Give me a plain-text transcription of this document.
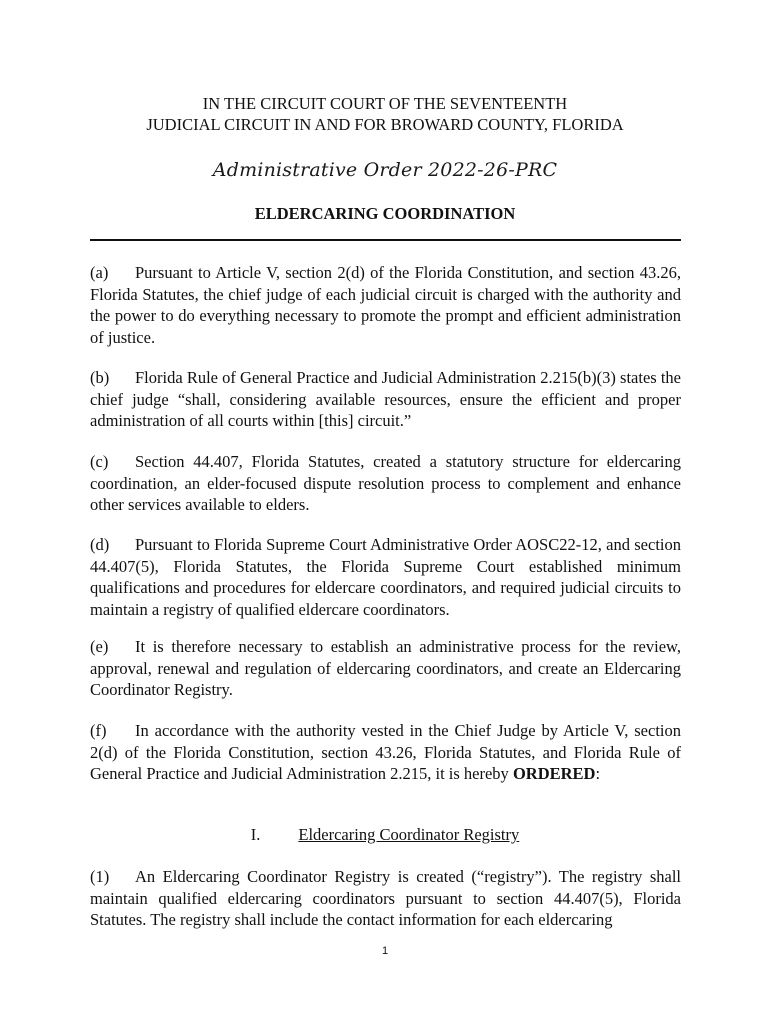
IN THE CIRCUIT COURT OF THE SEVENTEENTH
JUDICIAL CIRCUIT IN AND FOR BROWARD COUNTY, FLORIDA
Administrative Order 2022-26-PRC
ELDERCARING COORDINATION

(a) Pursuant to Article V, section 2(d) of the Florida Constitution, and section 43.26, Florida Statutes, the chief judge of each judicial circuit is charged with the authority and the power to do everything necessary to promote the prompt and efficient administration of justice.

(b) Florida Rule of General Practice and Judicial Administration 2.215(b)(3) states the chief judge “shall, considering available resources, ensure the efficient and proper administration of all courts within [this] circuit.”

(c) Section 44.407, Florida Statutes, created a statutory structure for eldercaring coordination, an elder-focused dispute resolution process to complement and enhance other services available to elders.

(d) Pursuant to Florida Supreme Court Administrative Order AOSC22-12, and section 44.407(5), Florida Statutes, the Florida Supreme Court established minimum qualifications and procedures for eldercare coordinators, and required judicial circuits to maintain a registry of qualified eldercare coordinators.

(e) It is therefore necessary to establish an administrative process for the review, approval, renewal and regulation of eldercaring coordinators, and create an Eldercaring Coordinator Registry.

(f) In accordance with the authority vested in the Chief Judge by Article V, section 2(d) of the Florida Constitution, section 43.26, Florida Statutes, and Florida Rule of General Practice and Judicial Administration 2.215, it is hereby ORDERED:

I. Eldercaring Coordinator Registry

(1) An Eldercaring Coordinator Registry is created (“registry”). The registry shall maintain qualified eldercaring coordinators pursuant to section 44.407(5), Florida Statutes. The registry shall include the contact information for each eldercaring

1
